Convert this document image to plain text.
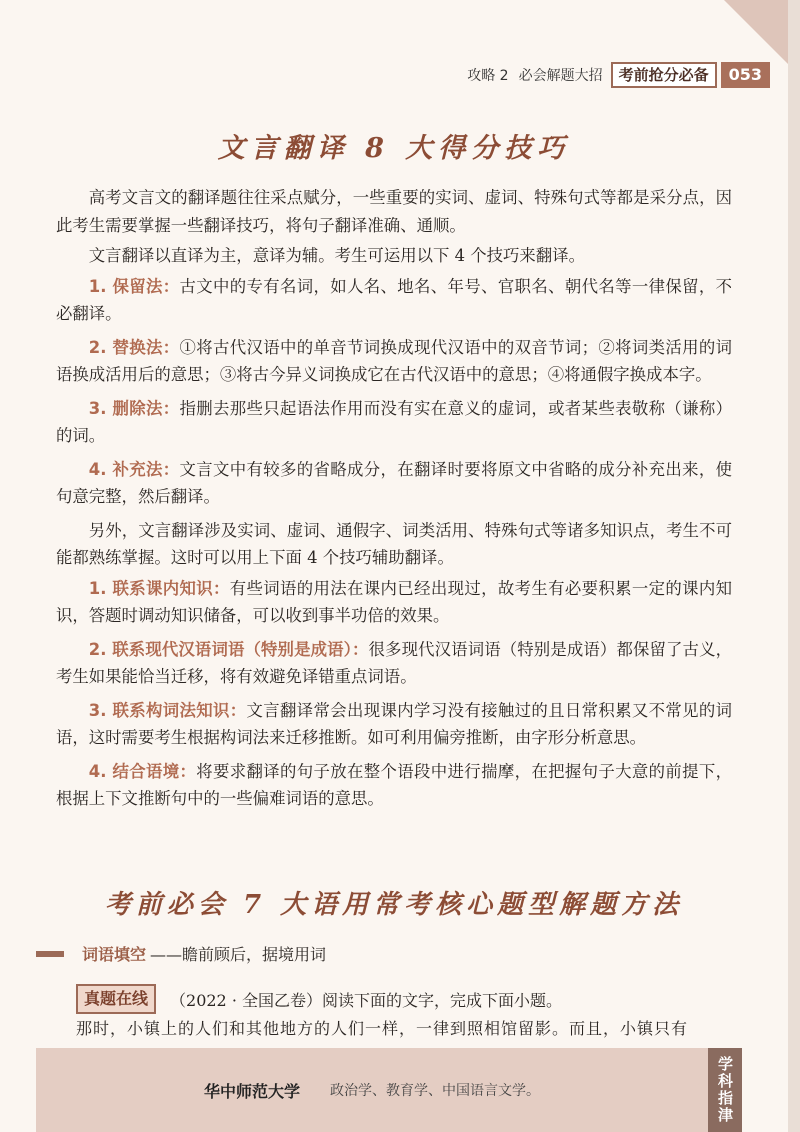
攻略 2 必会解题大招	考前抢分必备	053
文言翻译 8 大得分技巧

高考文言文的翻译题往往采点赋分，一些重要的实词、虚词、特殊句式等都是采分点，因此考生需要掌握一些翻译技巧，将句子翻译准确、通顺。

文言翻译以直译为主，意译为辅。考生可运用以下 4 个技巧来翻译。

1. 保留法：古文中的专有名词，如人名、地名、年号、官职名、朝代名等一律保留，不必翻译。

2. 替换法：①将古代汉语中的单音节词换成现代汉语中的双音节词；②将词类活用的词语换成活用后的意思；③将古今异义词换成它在古代汉语中的意思；④将通假字换成本字。

3. 删除法：指删去那些只起语法作用而没有实在意义的虚词，或者某些表敬称（谦称）的词。

4. 补充法：文言文中有较多的省略成分，在翻译时要将原文中省略的成分补充出来，使句意完整，然后翻译。

另外，文言翻译涉及实词、虚词、通假字、词类活用、特殊句式等诸多知识点，考生不可能都熟练掌握。这时可以用上下面 4 个技巧辅助翻译。

1. 联系课内知识：有些词语的用法在课内已经出现过，故考生有必要积累一定的课内知识，答题时调动知识储备，可以收到事半功倍的效果。

2. 联系现代汉语词语（特别是成语）：很多现代汉语词语（特别是成语）都保留了古义，考生如果能恰当迁移，将有效避免译错重点词语。

3. 联系构词法知识：文言翻译常会出现课内学习没有接触过的且日常积累又不常见的词语，这时需要考生根据构词法来迁移推断。如可利用偏旁推断，由字形分析意思。

4. 结合语境：将要求翻译的句子放在整个语段中进行揣摩，在把握句子大意的前提下，根据上下文推断句中的一些偏难词语的意思。

考前必会 7 大语用常考核心题型解题方法
词语填空 ——瞻前顾后，据境用词
真题在线	（2022 · 全国乙卷）阅读下面的文字，完成下面小题。
那时，小镇上的人们和其他地方的人们一样，一律到照相馆留影。而且，小镇只有
华中师范大学 政治学、教育学、中国语言文学。	学科指津
